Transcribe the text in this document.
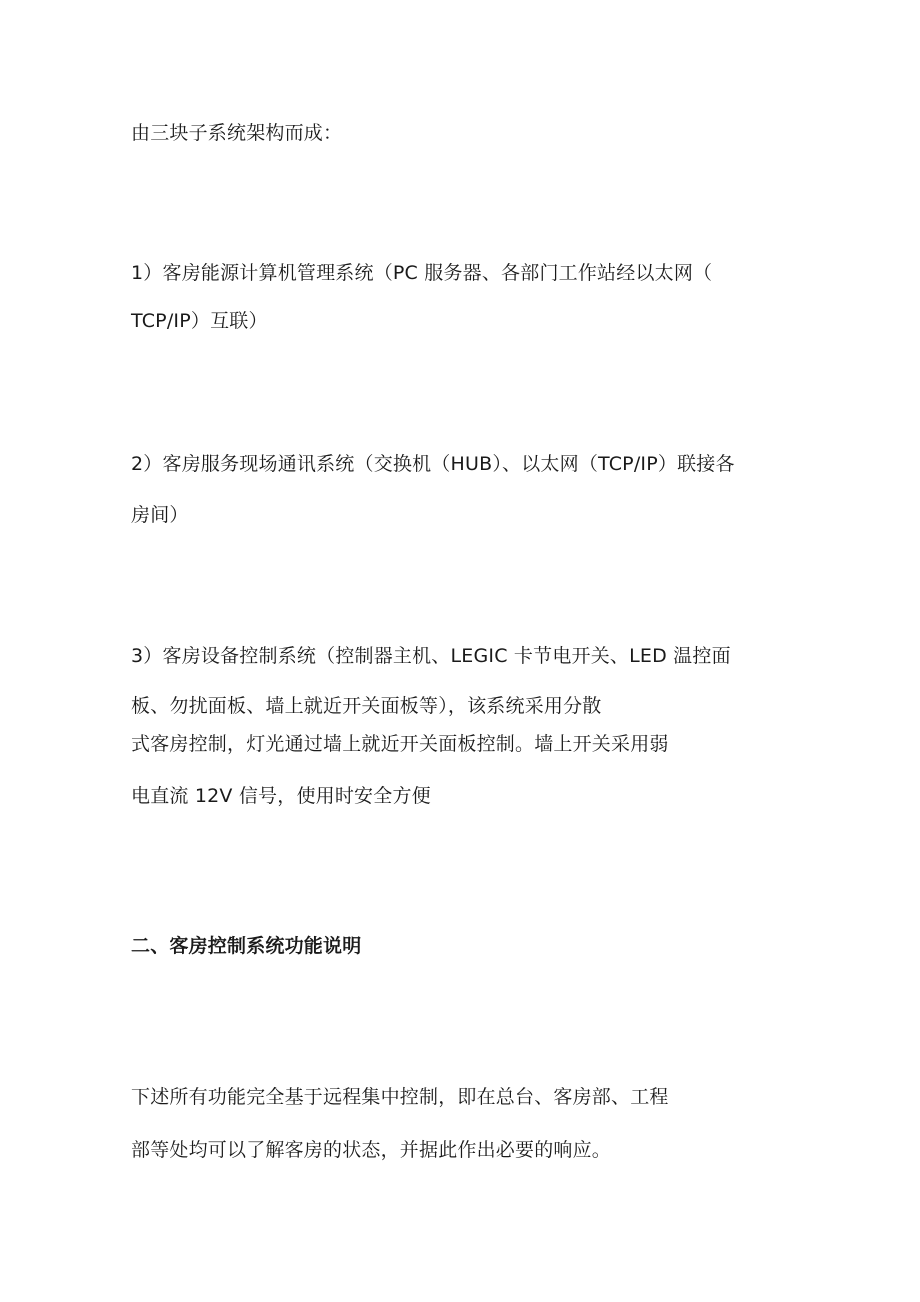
由三块子系统架构而成：
1）客房能源计算机管理系统（PC 服务器、各部门工作站经以太网（
TCP/IP）互联）
2）客房服务现场通讯系统（交换机（HUB）、以太网（TCP/IP）联接各
房间）
3）客房设备控制系统（控制器主机、LEGIC 卡节电开关、LED 温控面
板、勿扰面板、墙上就近开关面板等），该系统采用分散
式客房控制，灯光通过墙上就近开关面板控制。墙上开关采用弱
电直流 12V 信号，使用时安全方便
二、客房控制系统功能说明
下述所有功能完全基于远程集中控制，即在总台、客房部、工程
部等处均可以了解客房的状态，并据此作出必要的响应。
